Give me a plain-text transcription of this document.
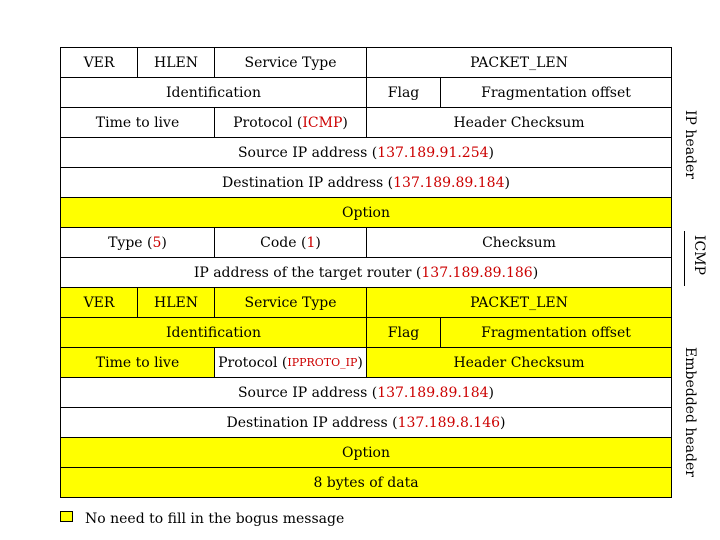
VER	HLEN	Service Type	PACKET_LEN
Identification	Flag	Fragmentation offset
Time to live	Protocol ( ICMP )	Header Checksum
Source IP address ( 137.189.91.254 )
Destination IP address ( 137.189.89.184 )
Option
Type ( 5 )	Code ( 1 )	Checksum
IP address of the target router ( 137.189.89.186 )
VER	HLEN	Service Type	PACKET_LEN
Identification	Flag	Fragmentation offset
Time to live	Protocol ( IPPROTO_IP )	Header Checksum
Source IP address ( 137.189.89.184 )
Destination IP address ( 137.189.8.146 )
Option
8 bytes of data
IP header
ICMP
Embedded header
No need to fill in the bogus message
